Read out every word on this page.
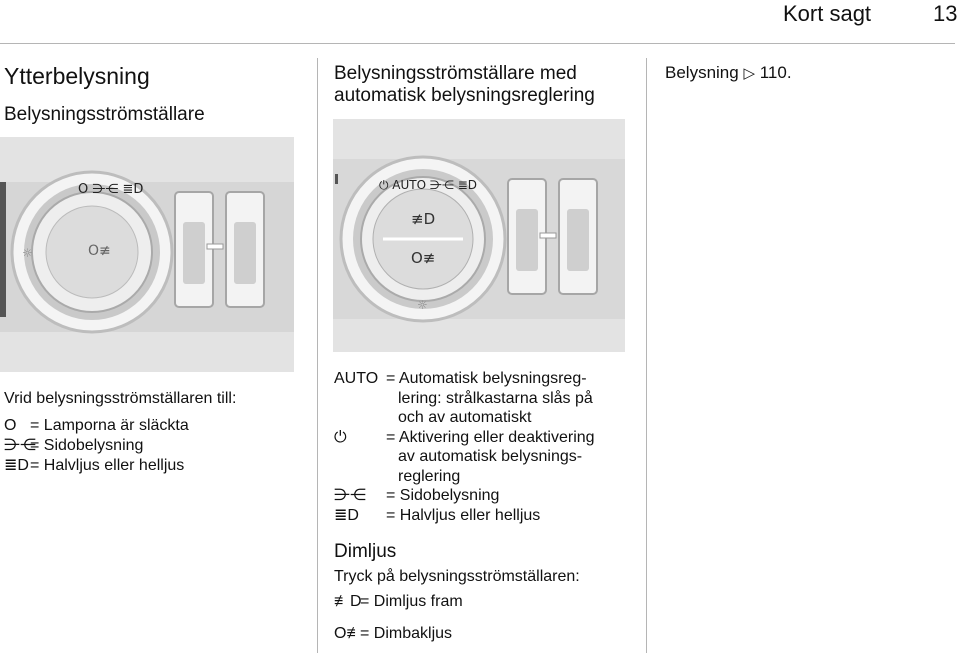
Kort sagt	13
Ytterbelysning
Belysningsströmställare
O ⋺⋲ ≣D
O≢
☼
Vrid belysningsströmställaren till:
O = Lamporna är släckta
⋺⋲= Sidobelysning
≣D= Halvljus eller helljus
Belysningsströmställare med
automatisk belysningsreglering
⏻ AUTO ⋺⋲ ≣D
≢D
O≢
☼
AUTO = Automatisk belysningsreg-
lering: strålkastarna slås på
och av automatiskt
⏻	= Aktivering eller deaktivering
av automatisk belysnings-
reglering
⋺⋲	= Sidobelysning
≣D	= Halvljus eller helljus
Dimljus
Tryck på belysningsströmställaren:
≢D= Dimljus fram
O≢= Dimbakljus
Belysning ▷ 110.
